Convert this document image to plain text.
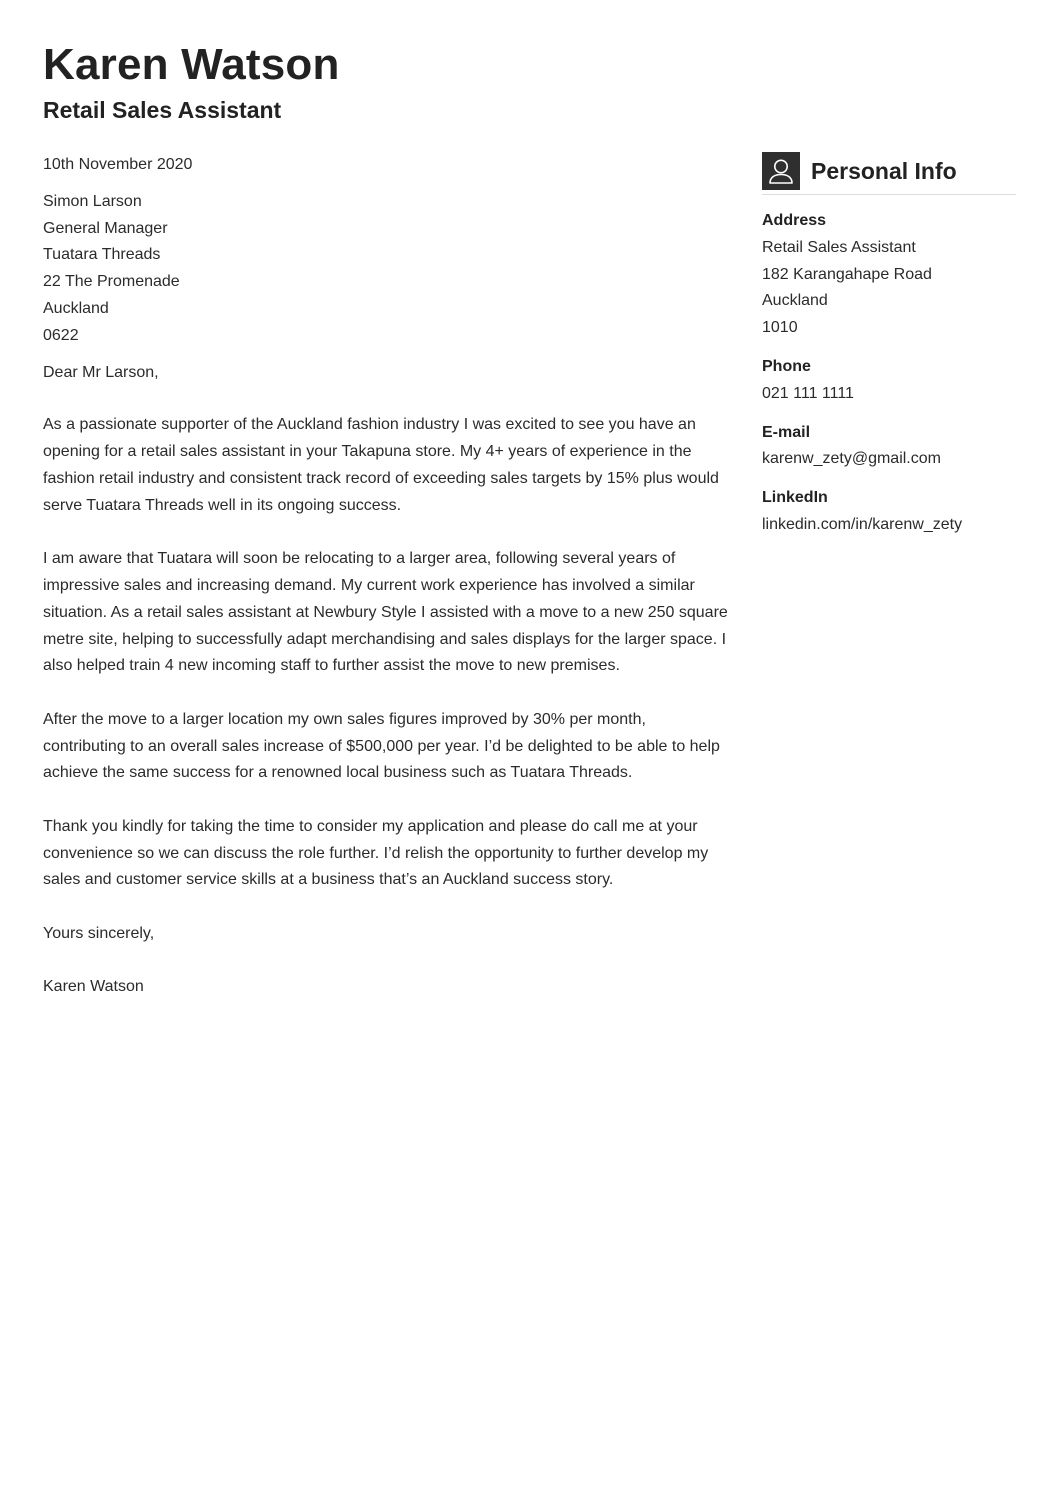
Karen Watson
Retail Sales Assistant

10th November 2020

Simon Larson

General Manager

Tuatara Threads

22 The Promenade

Auckland

0622

Dear Mr Larson,

As a passionate supporter of the Auckland fashion industry I was excited to see you have an opening for a retail sales assistant in your Takapuna store. My 4+ years of experience in the fashion retail industry and consistent track record of exceeding sales targets by 15% plus would serve Tuatara Threads well in its ongoing success.

I am aware that Tuatara will soon be relocating to a larger area, following several years of impressive sales and increasing demand. My current work experience has involved a similar situation. As a retail sales assistant at Newbury Style I assisted with a move to a new 250 square metre site, helping to successfully adapt merchandising and sales displays for the larger space. I also helped train 4 new incoming staff to further assist the move to new premises.

After the move to a larger location my own sales figures improved by 30% per month, contributing to an overall sales increase of $500,000 per year. I’d be delighted to be able to help achieve the same success for a renowned local business such as Tuatara Threads.

Thank you kindly for taking the time to consider my application and please do call me at your convenience so we can discuss the role further. I’d relish the opportunity to further develop my sales and customer service skills at a business that’s an Auckland success story.

Yours sincerely,

Karen Watson

Personal Info

Address

Retail Sales Assistant

182 Karangahape Road

Auckland

1010

Phone

021 111 1111

E-mail

karenw_zety@gmail.com

LinkedIn

linkedin.com/in/karenw_zety
